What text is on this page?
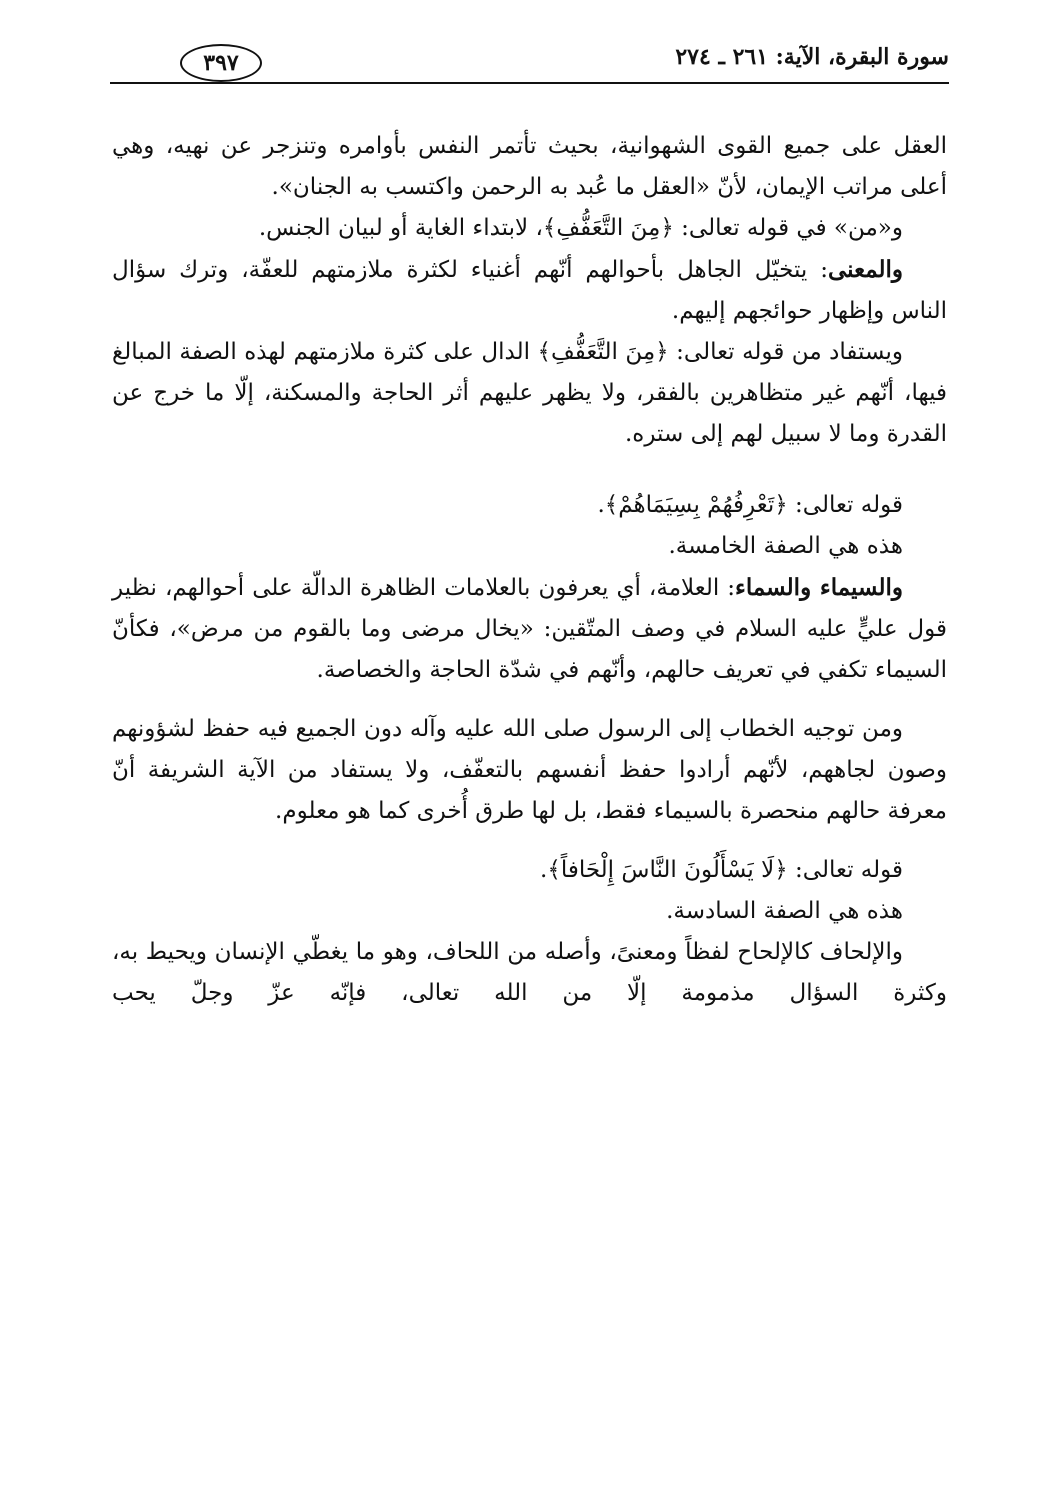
سورة البقرة، الآية: ٢٦١ ـ ٢٧٤
٣٩٧

العقل على جميع القوى الشهوانية، بحيث تأتمر النفس بأوامره وتنزجر عن نهيه، وهي أعلى مراتب الإيمان، لأنّ «العقل ما عُبد به الرحمن واكتسب به الجنان».

و«من» في قوله تعالى: ﴿مِنَ التَّعَفُّفِ﴾، لابتداء الغاية أو لبيان الجنس.

والمعنى: يتخيّل الجاهل بأحوالهم أنّهم أغنياء لكثرة ملازمتهم للعفّة، وترك سؤال الناس وإظهار حوائجهم إليهم.

ويستفاد من قوله تعالى: ﴿مِنَ التَّعَفُّفِ﴾ الدال على كثرة ملازمتهم لهذه الصفة المبالغ فيها، أنّهم غير متظاهرين بالفقر، ولا يظهر عليهم أثر الحاجة والمسكنة، إلّا ما خرج عن القدرة وما لا سبيل لهم إلى ستره.

قوله تعالى: ﴿تَعْرِفُهُمْ بِسِيَمَاهُمْ﴾.

هذه هي الصفة الخامسة.

والسيماء والسماء: العلامة، أي يعرفون بالعلامات الظاهرة الدالّة على أحوالهم، نظير قول عليٍّ عليه السلام في وصف المتّقين: «يخال مرضى وما بالقوم من مرض»، فكأنّ السيماء تكفي في تعريف حالهم، وأنّهم في شدّة الحاجة والخصاصة.

ومن توجيه الخطاب إلى الرسول صلى الله عليه وآله دون الجميع فيه حفظ لشؤونهم وصون لجاههم، لأنّهم أرادوا حفظ أنفسهم بالتعفّف، ولا يستفاد من الآية الشريفة أنّ معرفة حالهم منحصرة بالسيماء فقط، بل لها طرق أُخرى كما هو معلوم.

قوله تعالى: ﴿لَا يَسْأَلُونَ النَّاسَ إِلْحَافاً﴾.

هذه هي الصفة السادسة.

والإلحاف كالإلحاح لفظاً ومعنىً، وأصله من اللحاف، وهو ما يغطّي الإنسان ويحيط به، وكثرة السؤال مذمومة إلّا من الله تعالى، فإنّه عزّ وجلّ يحب
